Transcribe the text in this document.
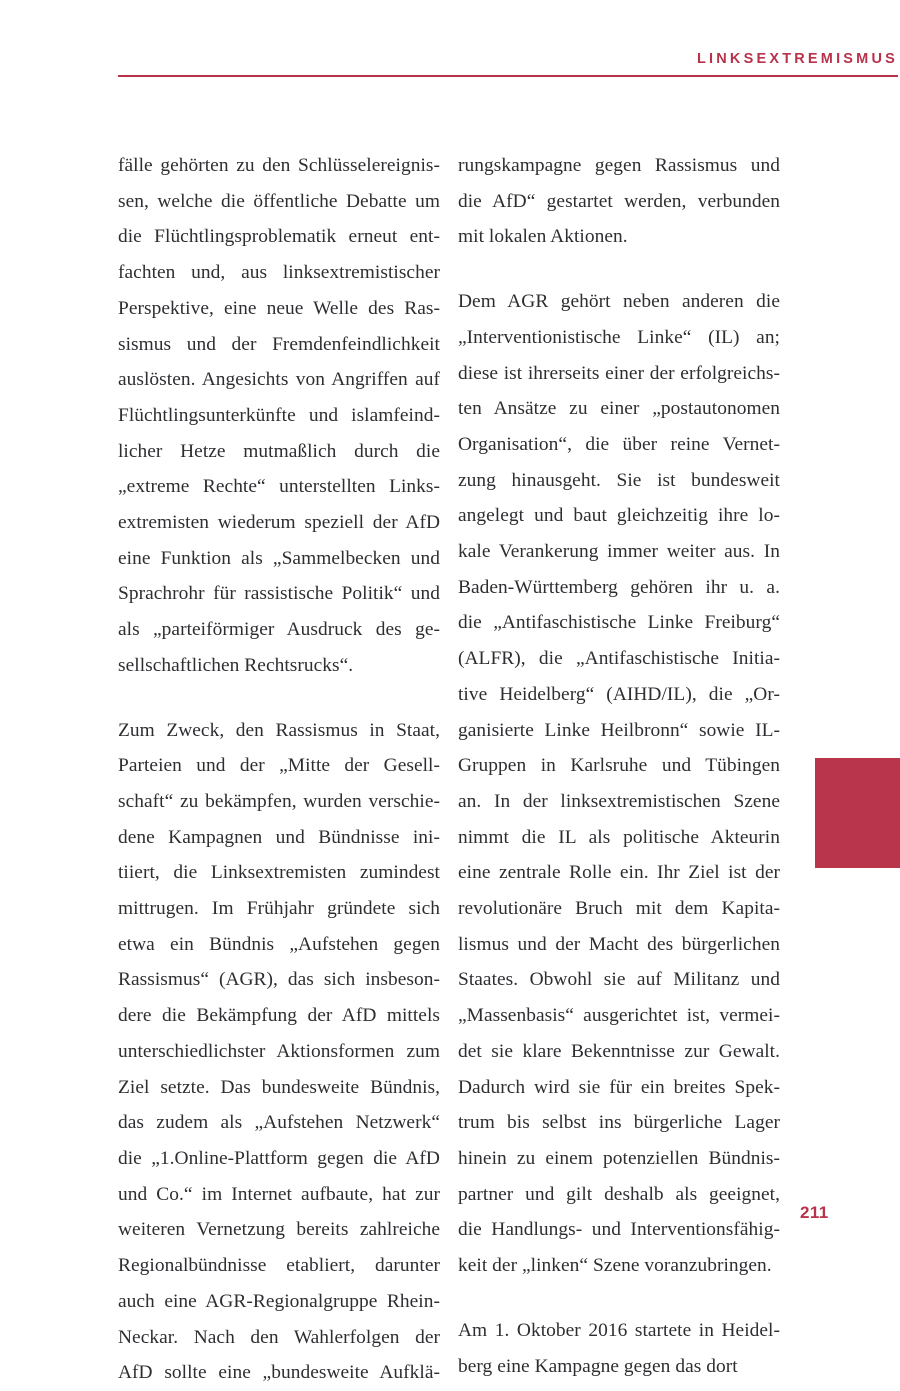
LINKSEXTREMISMUS

fälle gehörten zu den Schlüsselereignis-
sen, welche die öffentliche Debatte um
die Flüchtlingsproblematik erneut ent-
fachten und, aus linksextremistischer
Perspektive, eine neue Welle des Ras-
sismus und der Fremdenfeindlichkeit
auslösten. Angesichts von Angriffen auf
Flüchtlingsunterkünfte und islamfeind-
licher Hetze mutmaßlich durch die
„extreme Rechte“ unterstellten Links-
extremisten wiederum speziell der AfD
eine Funktion als „Sammelbecken und
Sprachrohr für rassistische Politik“ und
als „parteiförmiger Ausdruck des ge-
sellschaftlichen Rechtsrucks“.

Zum Zweck, den Rassismus in Staat,
Parteien und der „Mitte der Gesell-
schaft“ zu bekämpfen, wurden verschie-
dene Kampagnen und Bündnisse ini-
tiiert, die Linksextremisten zumindest
mittrugen. Im Frühjahr gründete sich
etwa ein Bündnis „Aufstehen gegen
Rassismus“ (AGR), das sich insbeson-
dere die Bekämpfung der AfD mittels
unterschiedlichster Aktionsformen zum
Ziel setzte. Das bundesweite Bündnis,
das zudem als „Aufstehen Netzwerk“
die „1.Online-Plattform gegen die AfD
und Co.“ im Internet aufbaute, hat zur
weiteren Vernetzung bereits zahlreiche
Regionalbündnisse etabliert, darunter
auch eine AGR-Regionalgruppe Rhein-
Neckar. Nach den Wahlerfolgen der
AfD sollte eine „bundesweite Aufklä-

rungskampagne gegen Rassismus und
die AfD“ gestartet werden, verbunden
mit lokalen Aktionen.

Dem AGR gehört neben anderen die
„Interventionistische Linke“ (IL) an;
diese ist ihrerseits einer der erfolgreichs-
ten Ansätze zu einer „postautonomen
Organisation“, die über reine Vernet-
zung hinausgeht. Sie ist bundesweit
angelegt und baut gleichzeitig ihre lo-
kale Verankerung immer weiter aus. In
Baden-Württemberg gehören ihr u. a.
die „Antifaschistische Linke Freiburg“
(ALFR), die „Antifaschistische Initia-
tive Heidelberg“ (AIHD/IL), die „Or-
ganisierte Linke Heilbronn“ sowie IL-
Gruppen in Karlsruhe und Tübingen
an. In der linksextremistischen Szene
nimmt die IL als politische Akteurin
eine zentrale Rolle ein. Ihr Ziel ist der
revolutionäre Bruch mit dem Kapita-
lismus und der Macht des bürgerlichen
Staates. Obwohl sie auf Militanz und
„Massenbasis“ ausgerichtet ist, vermei-
det sie klare Bekenntnisse zur Gewalt.
Dadurch wird sie für ein breites Spek-
trum bis selbst ins bürgerliche Lager
hinein zu einem potenziellen Bündnis-
partner und gilt deshalb als geeignet,
die Handlungs- und Interventionsfähig-
keit der „linken“ Szene voranzubringen.

Am 1. Oktober 2016 startete in Heidel-
berg eine Kampagne gegen das dort

211
